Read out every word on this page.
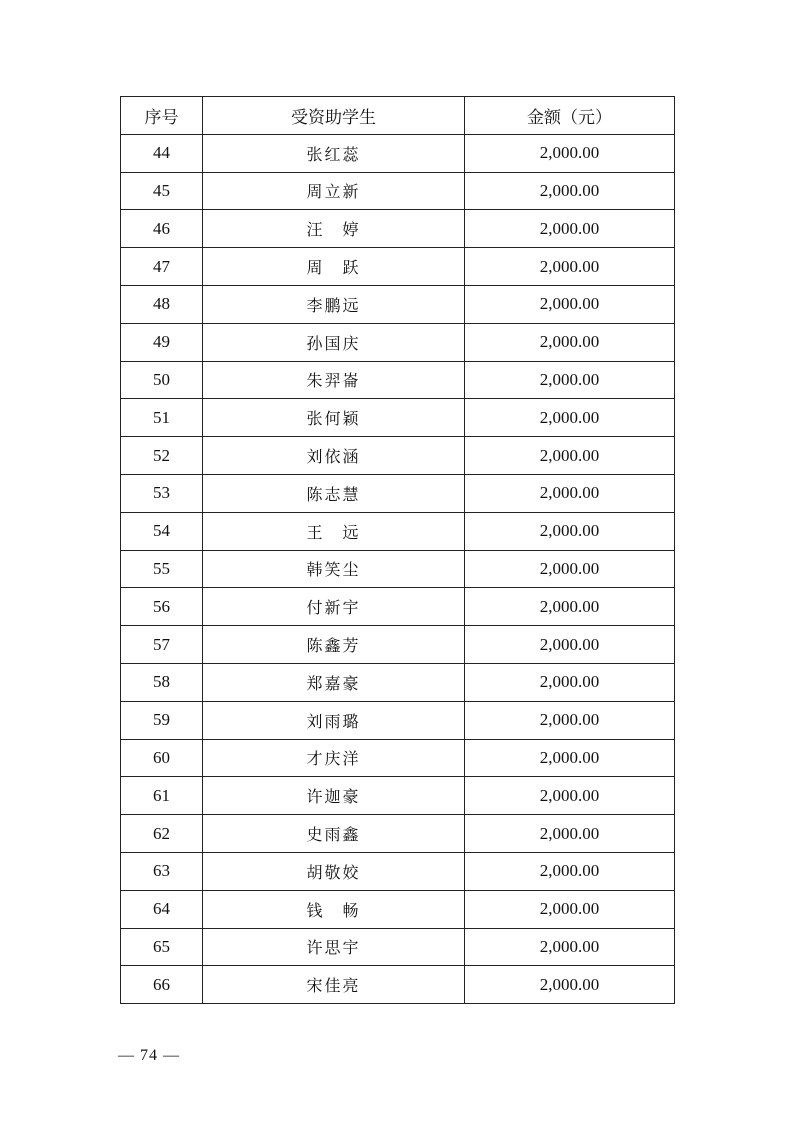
序号	受资助学生	金额（元）
44	张红蕊	2,000.00
45	周立新	2,000.00
46	汪　婷	2,000.00
47	周　跃	2,000.00
48	李鹏远	2,000.00
49	孙国庆	2,000.00
50	朱羿崙	2,000.00
51	张何颖	2,000.00
52	刘依涵	2,000.00
53	陈志慧	2,000.00
54	王　远	2,000.00
55	韩笑尘	2,000.00
56	付新宇	2,000.00
57	陈鑫芳	2,000.00
58	郑嘉豪	2,000.00
59	刘雨璐	2,000.00
60	才庆洋	2,000.00
61	许迦豪	2,000.00
62	史雨鑫	2,000.00
63	胡敬姣	2,000.00
64	钱　畅	2,000.00
65	许思宇	2,000.00
66	宋佳亮	2,000.00
— 74 —
